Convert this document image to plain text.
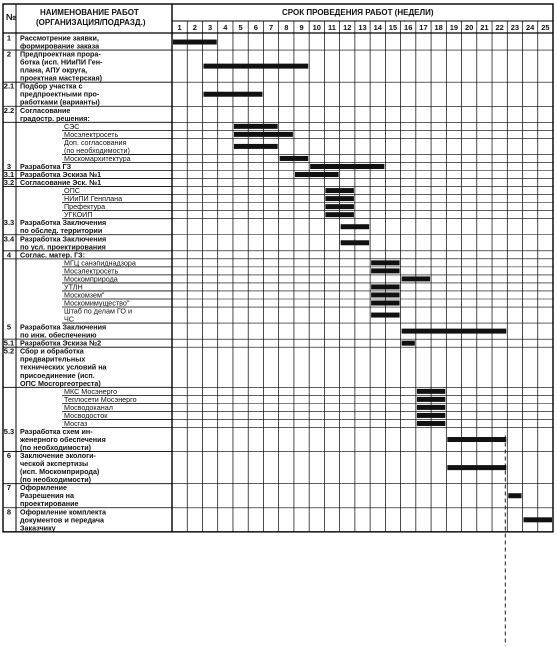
1 2 3 4 5 6 7 8 9 10 11 12 13 14 15 16 17 18 19 20 21 22 23 24 25
1 Рассмотрение заявки,
формирование заказа
2 Предпроектная прора-
ботка (исп. НИиПИ Ген-
плана, АПУ округа,
проектная мастерская)
2.1 Подбор участка с
предпроектными про-
работками (варианты)
2.2 Согласование
градостр. решения:
СЭС
Мосэлектросеть
Доп. согласования
(по необходимости)
Москомархитектура
3 Разработка ГЗ
3.1 Разработка Эскиза №1
3.2 Согласование Эск. №1
ОПС
НИиПИ Генплана
Префектура
УГКОИП
3.3 Разработка Заключения
по обслед. территории
3.4 Разработка Заключения
по усл. проектирования
4 Соглас. матер. ГЗ:
МГЦ санэпиднадзора
Мосэлектросеть
Москомприрода
УТЛН
Москомзем"
Москомимущество"
Штаб по делам ГО и
ЧС
5 Разработка Заключения
по инж. обеспечению
5.1 Разработка Эскиза №2
5.2 Сбор и обработка
предварительных
технических условий на
присоединение (исп.
ОПС Мосгоргеотреста)
МКС Мосэнерго
Теплосети Мосэнерго
Мосводоканал
Мосводосток
Мосгаз
5.3 Разработка схем ин-
женерного обеспечения
(по необходимости)
6 Заключение экологи-
ческой экспертизы
(исп. Москомприрода)
(по необходимости)
7 Оформление
Разрешения на
проектирование
8 Оформление комплекта
документов и передача
Заказчику
№	НАИМЕНОВАНИЕ РАБОТ
(ОРГАНИЗАЦИЯ/ПОДРАЗД.)
СРОК ПРОВЕДЕНИЯ РАБОТ (НЕДЕЛИ)
